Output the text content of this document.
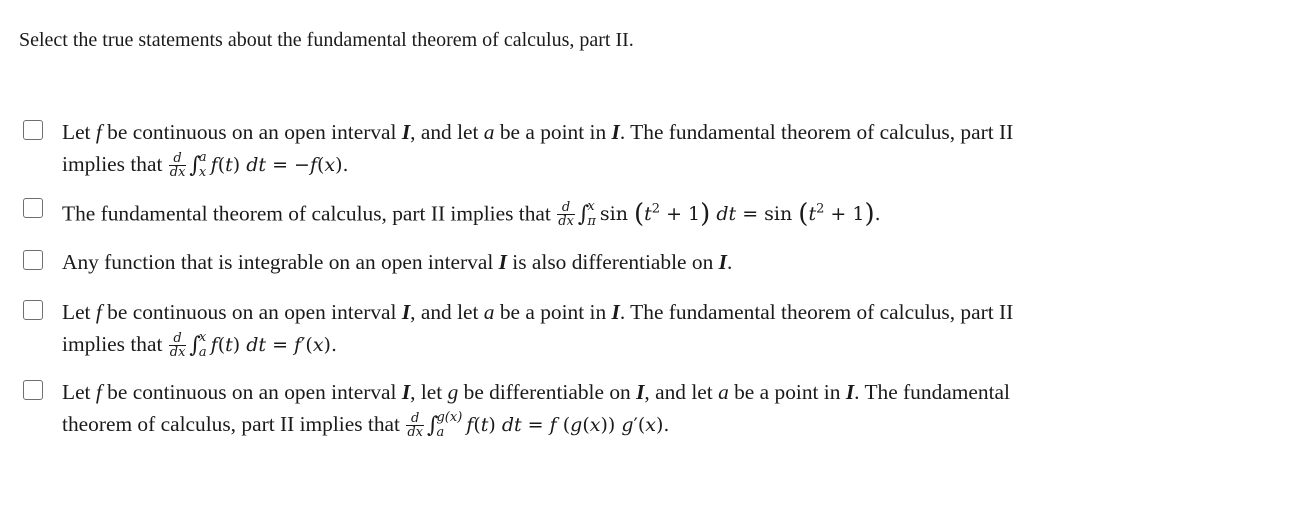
Select the true statements about the fundamental theorem of calculus, part II.
Let f be continuous on an open interval I, and let a be a point in I. The fundamental theorem of calculus, part II
implies that $\frac{d}{dx}$ ∫
a
x f(t) dt = −f(x).
The fundamental theorem of calculus, part II implies that $\frac{d}{dx}$ ∫
x
π $\sin (t^2 + 1)$ dt = $\sin (t^2 + 1)$.
Any function that is integrable on an open interval I is also differentiable on I.
Let f be continuous on an open interval I, and let a be a point in I. The fundamental theorem of calculus, part II
implies that $\frac{d}{dx}$ ∫
x
a f(t) dt = f′(x).
Let f be continuous on an open interval I, let g be differentiable on I, and let a be a point in I. The fundamental
theorem of calculus, part II implies that $\frac{d}{dx}$ ∫
g(x)
a	f(t) dt = f (g(x)) g′(x).
